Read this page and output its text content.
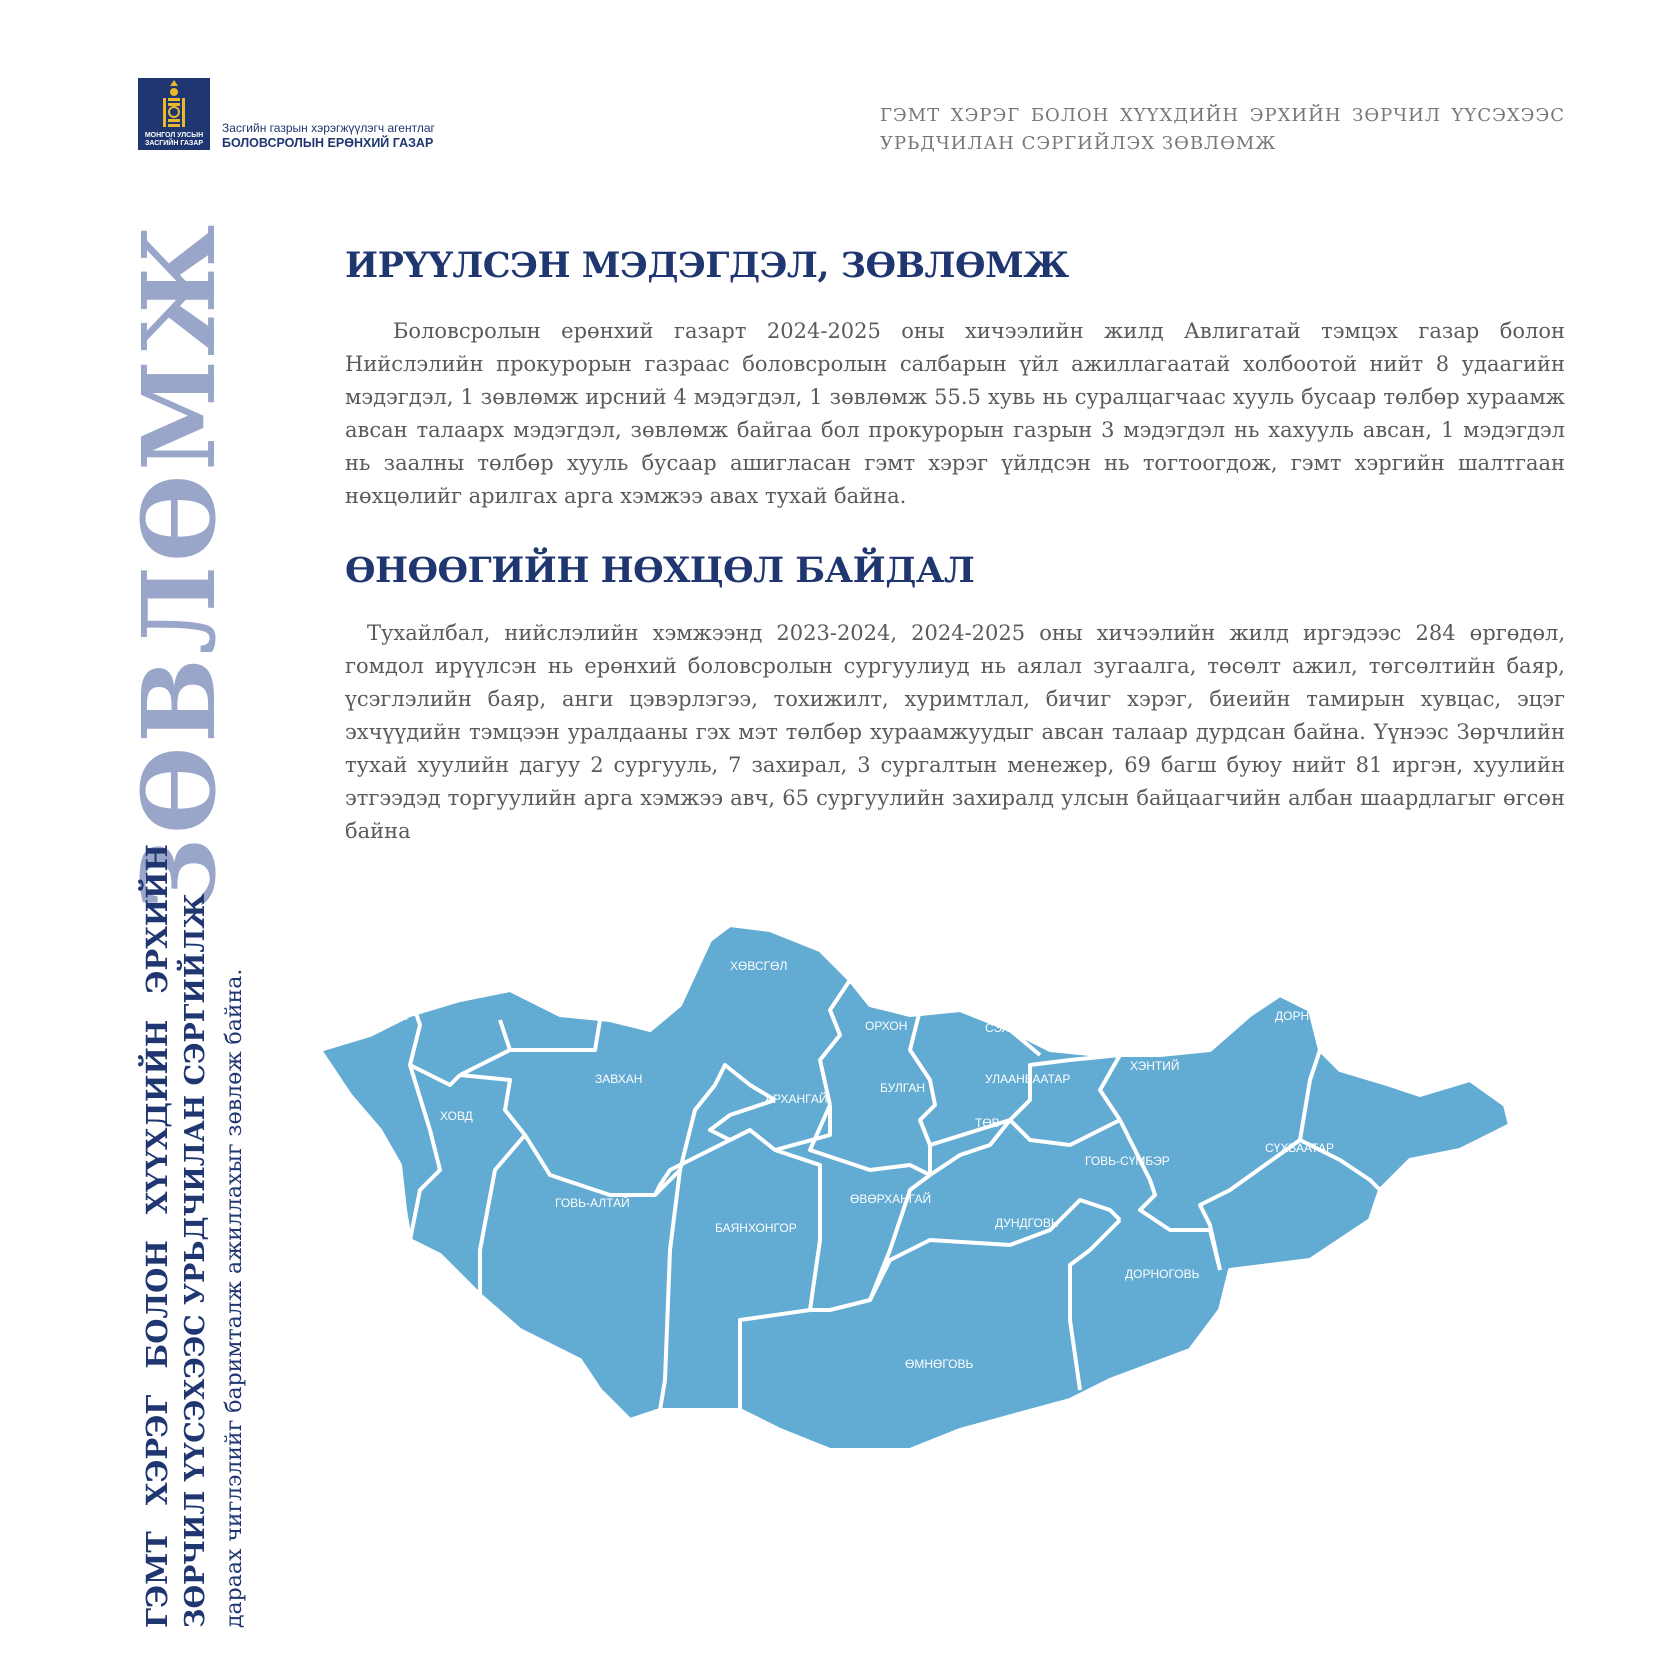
МОНГОЛ УЛСЫН
ЗАСГИЙН ГАЗАР
Засгийн газрын хэрэгжүүлэгч агентлаг
БОЛОВСРОЛЫН ЕРӨНХИЙ ГАЗАР
ГЭМТ ХЭРЭГ БОЛОН ХҮҮХДИЙН ЭРХИЙН ЗӨРЧИЛ ҮҮСЭХЭЭС УРЬДЧИЛАН СЭРГИЙЛЭХ ЗӨВЛӨМЖ
ЗӨВЛӨМЖ
ГЭМТ ХЭРЭГ БОЛОН ХҮҮХДИЙН ЭРХИЙН ЗӨРЧИЛ ҮҮСЭХЭЭС УРЬДЧИЛАН СЭРГИЙЛЖ дараах чиглэлийг баримталж ажиллахыг зөвлөж байна.
ИРҮҮЛСЭН МЭДЭГДЭЛ, ЗӨВЛӨМЖ

Боловсролын ерөнхий газарт 2024-2025 оны хичээлийн жилд Авлигатай тэмцэх газар болон Нийслэлийн прокурорын газраас боловсролын салбарын үйл ажиллагаатай холбоотой нийт 8 удаагийн мэдэгдэл, 1 зөвлөмж ирсний 4 мэдэгдэл, 1 зөвлөмж 55.5 хувь нь суралцагчаас хууль бусаар төлбөр хураамж авсан талаарх мэдэгдэл, зөвлөмж байгаа бол прокурорын газрын 3 мэдэгдэл нь хахууль авсан, 1 мэдэгдэл нь заалны төлбөр хууль бусаар ашигласан гэмт хэрэг үйлдсэн нь тогтоогдож, гэмт хэргийн шалтгаан нөхцөлийг арилгах арга хэмжээ авах тухай байна.

ӨНӨӨГИЙН НӨХЦӨЛ БАЙДАЛ

Тухайлбал, нийслэлийн хэмжээнд 2023-2024, 2024-2025 оны хичээлийн жилд иргэдээс 284 өргөдөл, гомдол ирүүлсэн нь ерөнхий боловсролын сургуулиуд нь аялал зугаалга, төсөлт ажил, төгсөлтийн баяр, үсэглэлийн баяр, анги цэвэрлэгээ, тохижилт, хуримтлал, бичиг хэрэг, биеийн тамирын хувцас, эцэг эхчүүдийн тэмцээн уралдааны гэх мэт төлбөр хураамжуудыг авсан талаар дурдсан байна. Үүнээс Зөрчлийн тухай хуулийн дагуу 2 сургууль, 7 захирал, 3 сургалтын менежер, 69 багш буюу нийт 81 иргэн, хуулийн этгээдэд торгуулийн арга хэмжээ авч, 65 сургуулийн захиралд улсын байцаагчийн албан шаардлагыг өгсөн байна

БАЯН-ӨЛГИЙ
УВС
ХОВД
ЗАВХАН
ХӨВСГӨЛ
ДАРХАН
ОРХОН	СЭЛЭНГЭ
БУЛГАН
УЛААНБААТАР
ХЭНТИЙ
ДОРНОД
АРХАНГАЙ
ТӨВ
ГОВЬ-СҮМБЭР
СҮХБААТАР
ГОВЬ-АЛТАЙ	ӨВӨРХАНГАЙ
БАЯНХОНГОР	ДУНДГОВЬ
ДОРНОГОВЬ
ӨМНӨГОВЬ
